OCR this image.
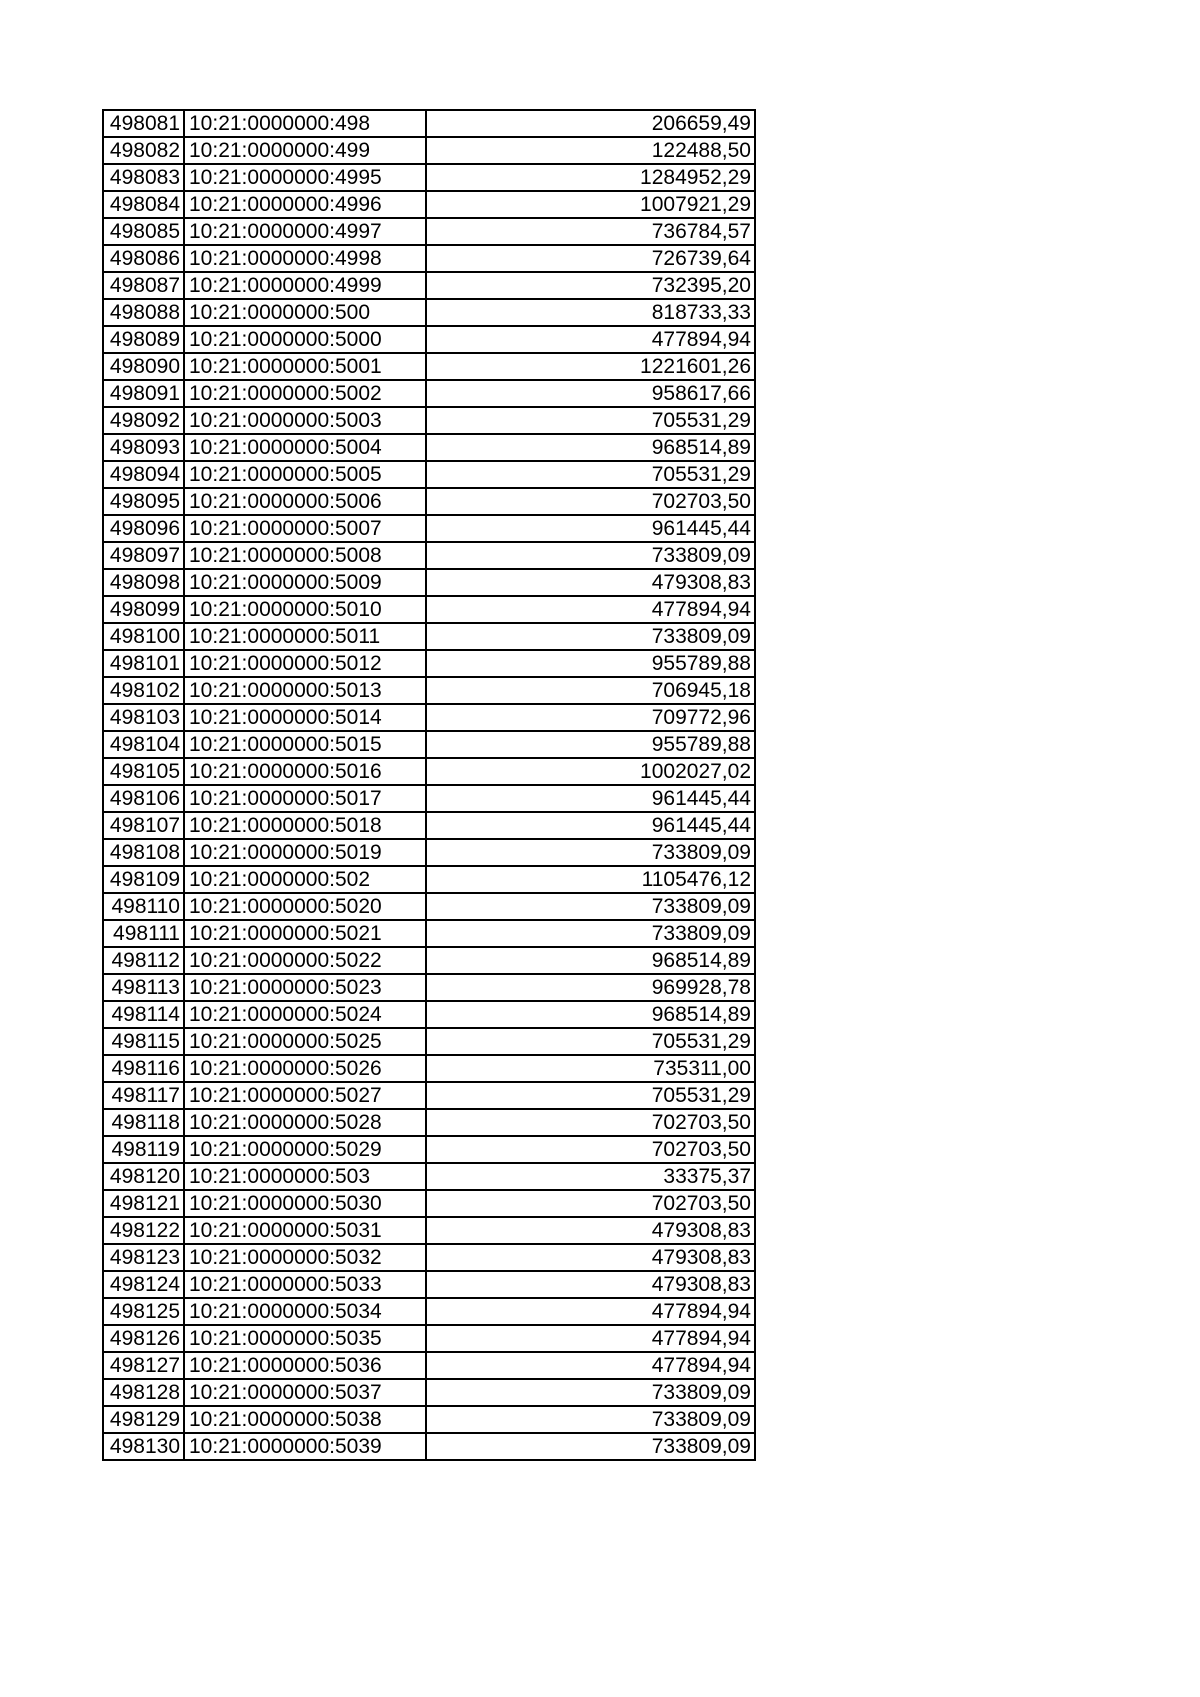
498081	10:21:0000000:498	206659,49
498082	10:21:0000000:499	122488,50
498083	10:21:0000000:4995	1284952,29
498084	10:21:0000000:4996	1007921,29
498085	10:21:0000000:4997	736784,57
498086	10:21:0000000:4998	726739,64
498087	10:21:0000000:4999	732395,20
498088	10:21:0000000:500	818733,33
498089	10:21:0000000:5000	477894,94
498090	10:21:0000000:5001	1221601,26
498091	10:21:0000000:5002	958617,66
498092	10:21:0000000:5003	705531,29
498093	10:21:0000000:5004	968514,89
498094	10:21:0000000:5005	705531,29
498095	10:21:0000000:5006	702703,50
498096	10:21:0000000:5007	961445,44
498097	10:21:0000000:5008	733809,09
498098	10:21:0000000:5009	479308,83
498099	10:21:0000000:5010	477894,94
498100	10:21:0000000:5011	733809,09
498101	10:21:0000000:5012	955789,88
498102	10:21:0000000:5013	706945,18
498103	10:21:0000000:5014	709772,96
498104	10:21:0000000:5015	955789,88
498105	10:21:0000000:5016	1002027,02
498106	10:21:0000000:5017	961445,44
498107	10:21:0000000:5018	961445,44
498108	10:21:0000000:5019	733809,09
498109	10:21:0000000:502	1105476,12
498110	10:21:0000000:5020	733809,09
498111	10:21:0000000:5021	733809,09
498112	10:21:0000000:5022	968514,89
498113	10:21:0000000:5023	969928,78
498114	10:21:0000000:5024	968514,89
498115	10:21:0000000:5025	705531,29
498116	10:21:0000000:5026	735311,00
498117	10:21:0000000:5027	705531,29
498118	10:21:0000000:5028	702703,50
498119	10:21:0000000:5029	702703,50
498120	10:21:0000000:503	33375,37
498121	10:21:0000000:5030	702703,50
498122	10:21:0000000:5031	479308,83
498123	10:21:0000000:5032	479308,83
498124	10:21:0000000:5033	479308,83
498125	10:21:0000000:5034	477894,94
498126	10:21:0000000:5035	477894,94
498127	10:21:0000000:5036	477894,94
498128	10:21:0000000:5037	733809,09
498129	10:21:0000000:5038	733809,09
498130	10:21:0000000:5039	733809,09
